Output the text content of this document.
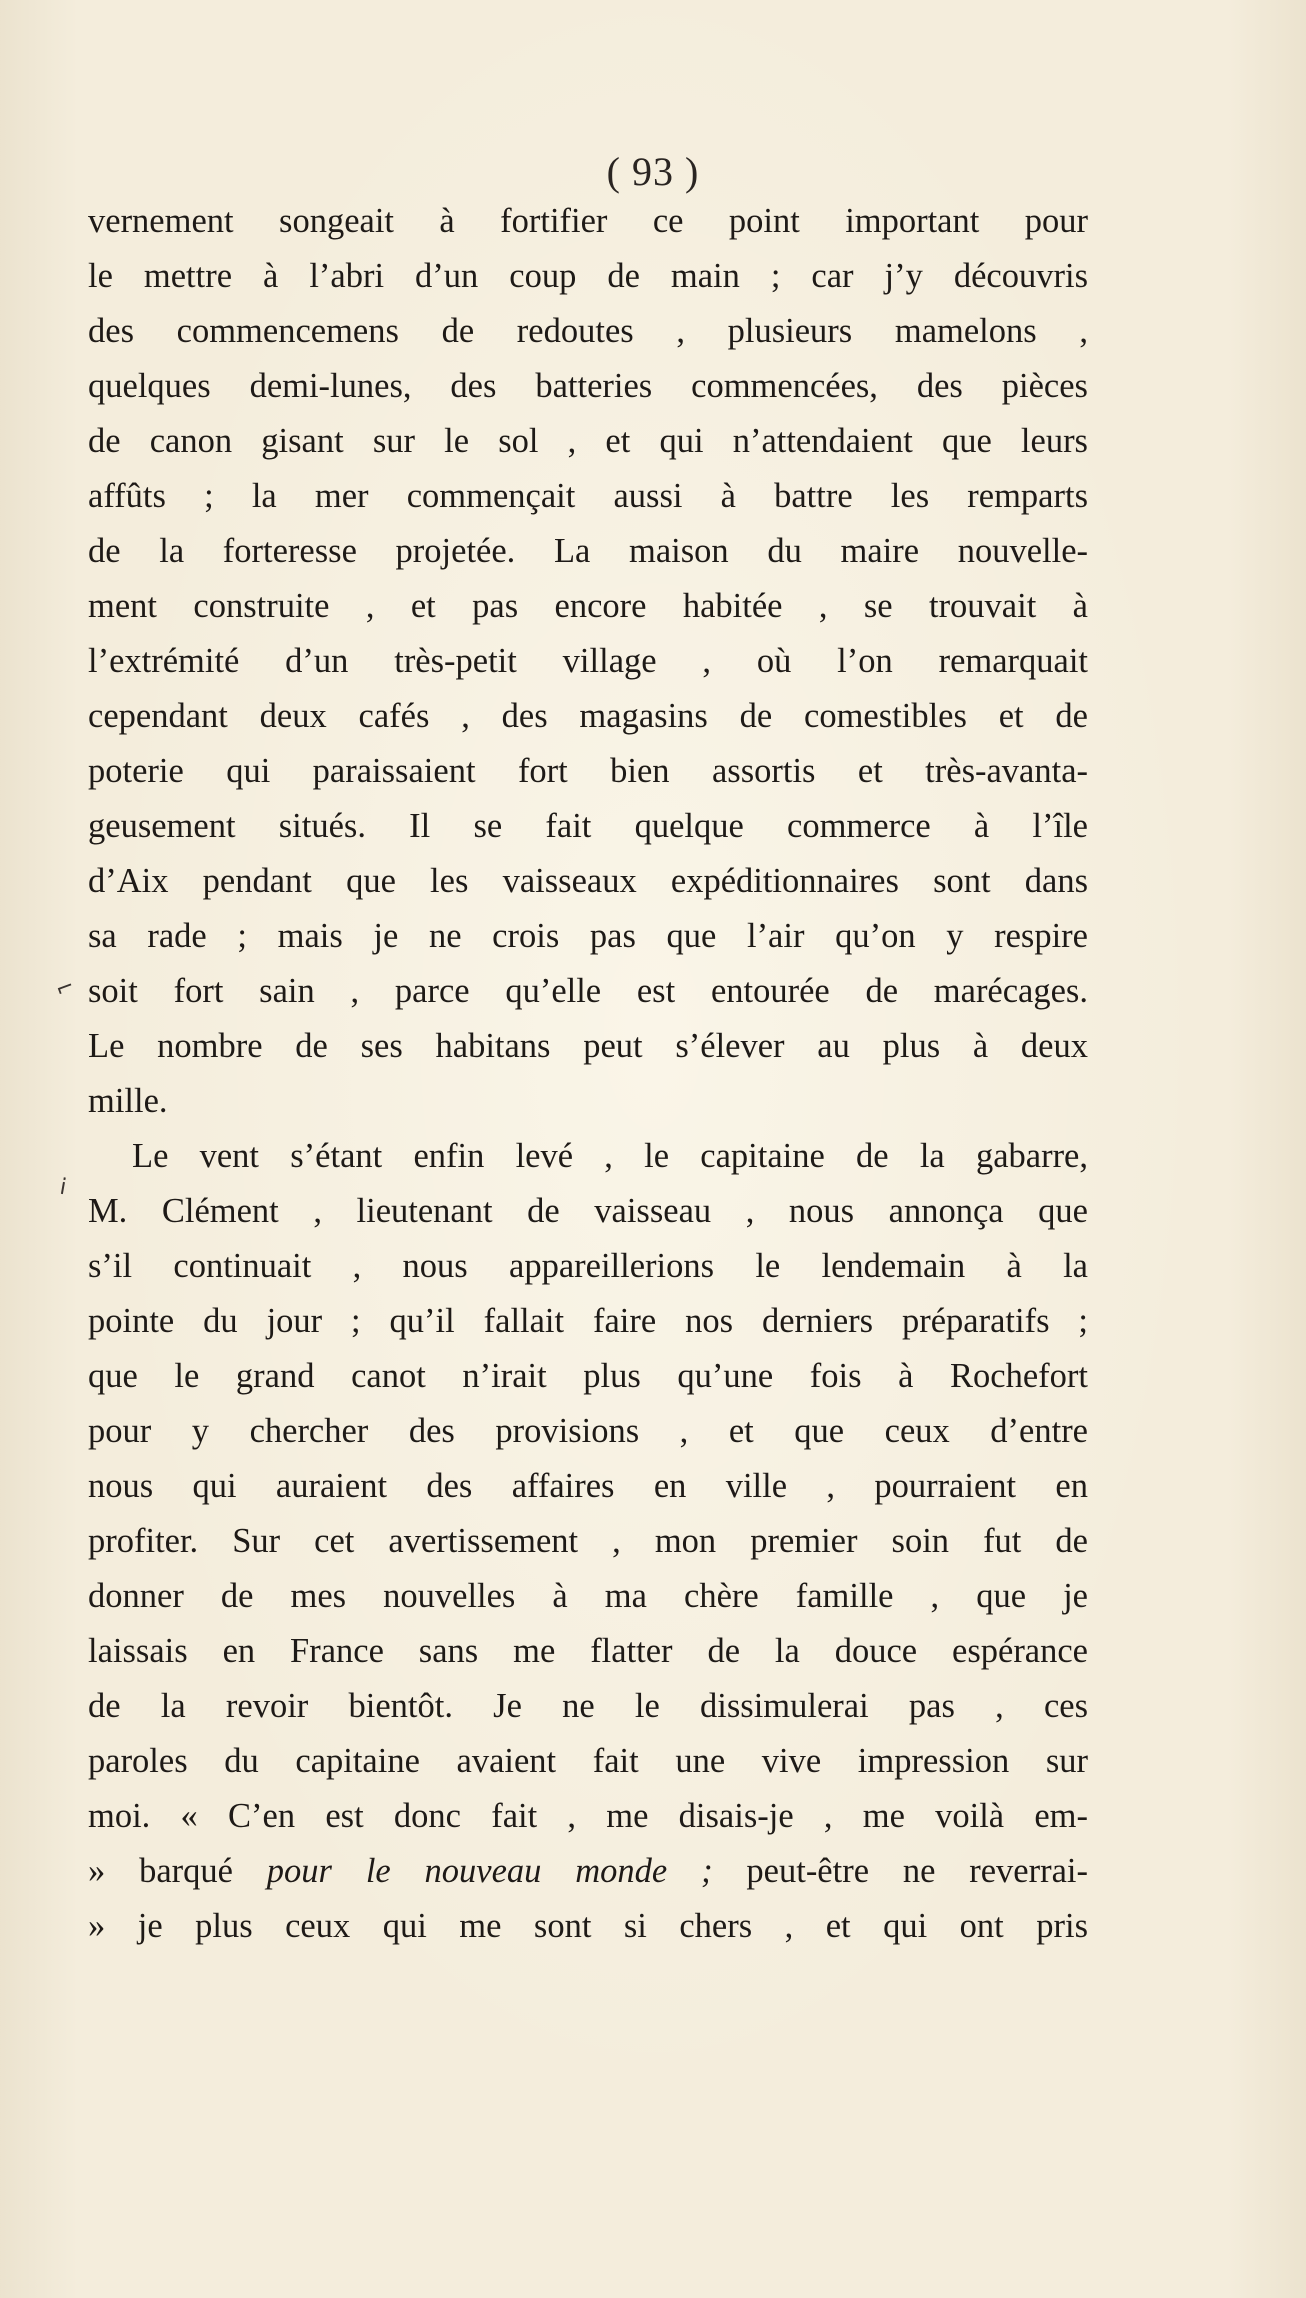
( 93 )
⌐
i
vernement songeait à fortifier ce point important pour
le mettre à l’abri d’un coup de main ; car j’y découvris
des commencemens de redoutes , plusieurs mamelons ,
quelques demi-lunes, des batteries commencées, des pièces
de canon gisant sur le sol , et qui n’attendaient que leurs
affûts ; la mer commençait aussi à battre les remparts
de la forteresse projetée. La maison du maire nouvelle-
ment construite , et pas encore habitée , se trouvait à
l’extrémité d’un très-petit village , où l’on remarquait
cependant deux cafés , des magasins de comestibles et de
poterie qui paraissaient fort bien assortis et très-avanta-
geusement situés. Il se fait quelque commerce à l’île
d’Aix pendant que les vaisseaux expéditionnaires sont dans
sa rade ; mais je ne crois pas que l’air qu’on y respire
soit fort sain , parce qu’elle est entourée de marécages.
Le nombre de ses habitans peut s’élever au plus à deux
mille.
Le vent s’étant enfin levé , le capitaine de la gabarre,
M. Clément , lieutenant de vaisseau , nous annonça que
s’il continuait , nous appareillerions le lendemain à la
pointe du jour ; qu’il fallait faire nos derniers préparatifs ;
que le grand canot n’irait plus qu’une fois à Rochefort
pour y chercher des provisions , et que ceux d’entre
nous qui auraient des affaires en ville , pourraient en
profiter. Sur cet avertissement , mon premier soin fut de
donner de mes nouvelles à ma chère famille , que je
laissais en France sans me flatter de la douce espérance
de la revoir bientôt. Je ne le dissimulerai pas , ces
paroles du capitaine avaient fait une vive impression sur
moi. « C’en est donc fait , me disais-je , me voilà em-
» barqué pour le nouveau monde ; peut-être ne reverrai-
» je plus ceux qui me sont si chers , et qui ont pris
